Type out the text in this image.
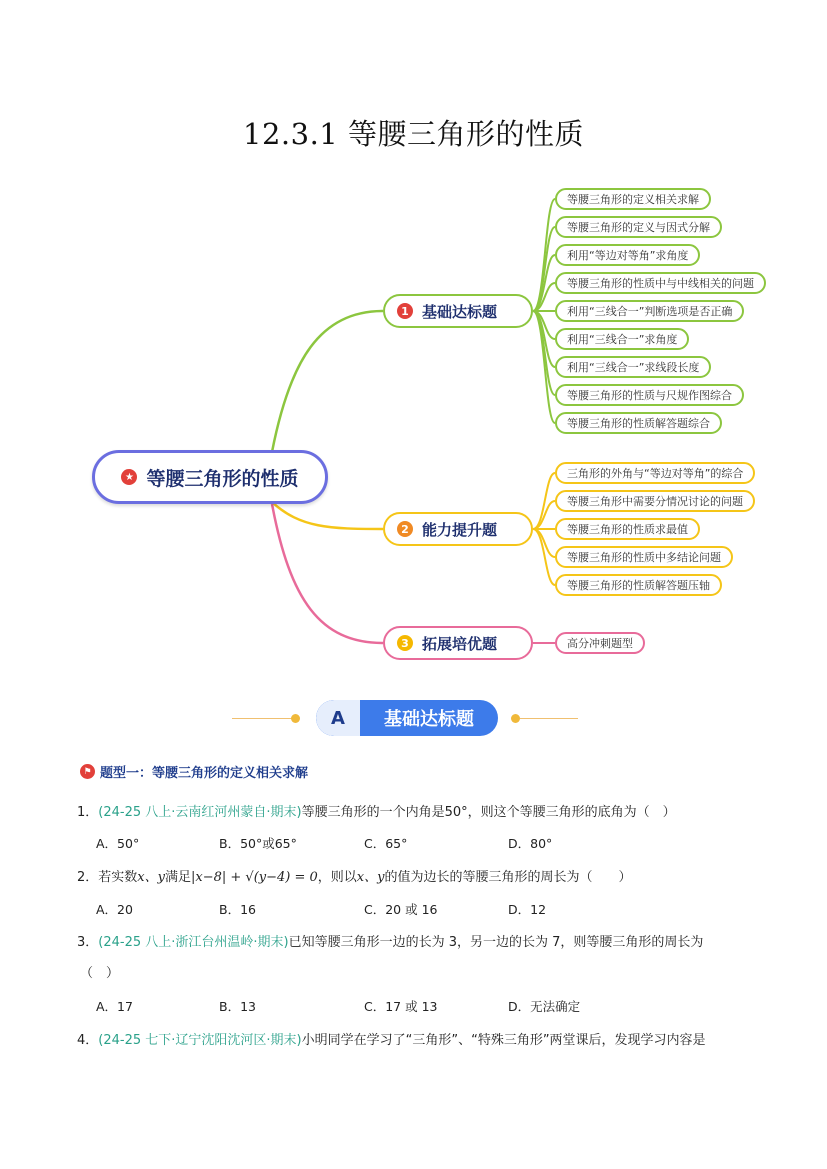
12.3.1 等腰三角形的性质
★ 等腰三角形的性质
1 基础达标题
2 能力提升题
3 拓展培优题
等腰三角形的定义相关求解
等腰三角形的定义与因式分解
利用“等边对等角”求角度
等腰三角形的性质中与中线相关的问题
利用“三线合一”判断选项是否正确
利用“三线合一”求角度
利用“三线合一”求线段长度
等腰三角形的性质与尺规作图综合
等腰三角形的性质解答题综合
三角形的外角与“等边对等角”的综合
等腰三角形中需要分情况讨论的问题
等腰三角形的性质求最值
等腰三角形的性质中多结论问题
等腰三角形的性质解答题压轴
高分冲刺题型
A	基础达标题
⚑ 题型一：等腰三角形的定义相关求解
1．(24-25 八上·云南红河州蒙自·期末)等腰三角形的一个内角是50°，则这个等腰三角形的底角为（　）
A．50°	B．50°或65°	C．65°	D．80°
2．若实数x、y满足|x−8| + √(y−4) = 0，则以x、y的值为边长的等腰三角形的周长为（　　）
A．20	B．16	C．20 或 16	D．12
3．(24-25 八上·浙江台州温岭·期末)已知等腰三角形一边的长为 3，另一边的长为 7，则等腰三角形的周长为
（　）
A．17	B．13	C．17 或 13	D．无法确定
4．(24-25 七下·辽宁沈阳沈河区·期末)小明同学在学习了“三角形”、“特殊三角形”两堂课后，发现学习内容是
